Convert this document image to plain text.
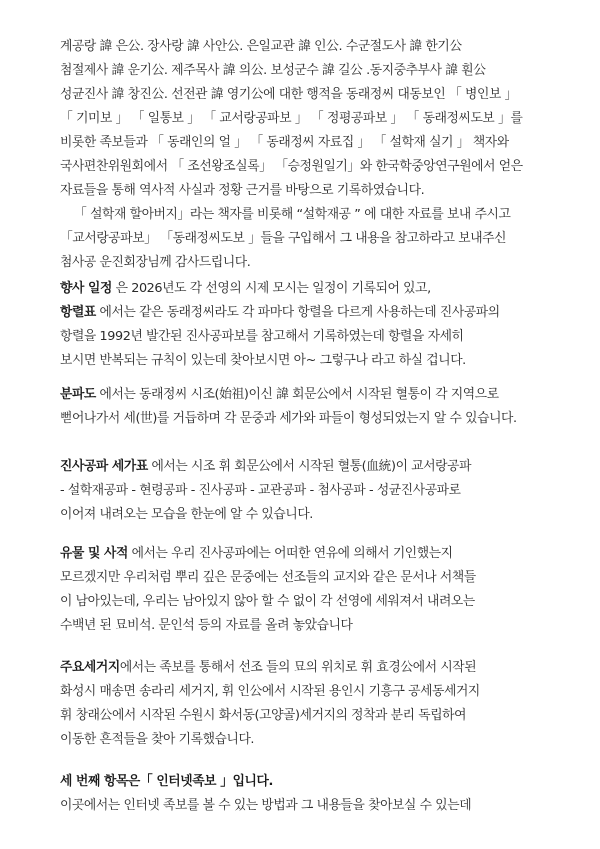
계공랑 諱 은公. 장사랑 諱 사안公. 은일교관 諱 인公. 수군절도사 諱 한기公
첨절제사 諱 운기公. 제주목사 諱 의公. 보성군수 諱 길公 .동지중추부사 諱 훤公
성균진사 諱 창진公. 선전관 諱 영기公에 대한 행적을 동래정씨 대동보인 「 병인보 」
「 기미보 」 「 일통보 」 「 교서랑공파보 」 「 정평공파보 」 「 동래정씨도보 」를
비롯한 족보들과 「 동래인의 얼 」 「 동래정씨 자료집 」 「 설학재 실기 」 책자와
국사편찬위원회에서 「 조선왕조실록」 「승정원일기」와 한국학중앙연구원에서 얻은
자료들을 통해 역사적 사실과 정황 근거를 바탕으로 기록하였습니다.
「 설학재 할아버지」라는 책자를 비롯해 “설학재공 ” 에 대한 자료를 보내 주시고
「교서랑공파보」 「동래정씨도보 」들을 구입해서 그 내용을 참고하라고 보내주신
첨사공 운진회장님께 감사드립니다.
향사 일정 은 2026년도 각 선영의 시제 모시는 일정이 기록되어 있고,
항렬표 에서는 같은 동래정씨라도 각 파마다 항렬을 다르게 사용하는데 진사공파의
항렬을 1992년 발간된 진사공파보를 참고해서 기록하였는데 항렬을 자세히
보시면 반복되는 규칙이 있는데 찾아보시면 아~ 그렇구나 라고 하실 겁니다.
분파도 에서는 동래정씨 시조(始祖)이신 諱 회문公에서 시작된 혈통이 각 지역으로
뻗어나가서 세(世)를 거듭하며 각 문중과 세가와 파들이 형성되었는지 알 수 있습니다.
진사공파 세가표 에서는 시조 휘 회문公에서 시작된 혈통(血統)이 교서랑공파
- 설학재공파 - 현령공파 - 진사공파 - 교관공파 - 첨사공파 - 성균진사공파로
이어져 내려오는 모습을 한눈에 알 수 있습니다.
유물 및 사적 에서는 우리 진사공파에는 어떠한 연유에 의해서 기인했는지
모르겠지만 우리처럼 뿌리 깊은 문중에는 선조들의 교지와 같은 문서나 서책들
이 남아있는데, 우리는 남아있지 않아 할 수 없이 각 선영에 세워져서 내려오는
수백년 된 묘비석. 문인석 등의 자료를 올려 놓았습니다
주요세거지에서는 족보를 통해서 선조 들의 묘의 위치로 휘 효경公에서 시작된
화성시 매송면 송라리 세거지, 휘 인公에서 시작된 용인시 기흥구 공세동세거지
휘 창래公에서 시작된 수원시 화서동(고양골)세거지의 정착과 분리 독립하여
이동한 흔적들을 찾아 기록했습니다.
세 번째 항목은「 인터넷족보 」입니다.
이곳에서는 인터넷 족보를 볼 수 있는 방법과 그 내용들을 찾아보실 수 있는데
